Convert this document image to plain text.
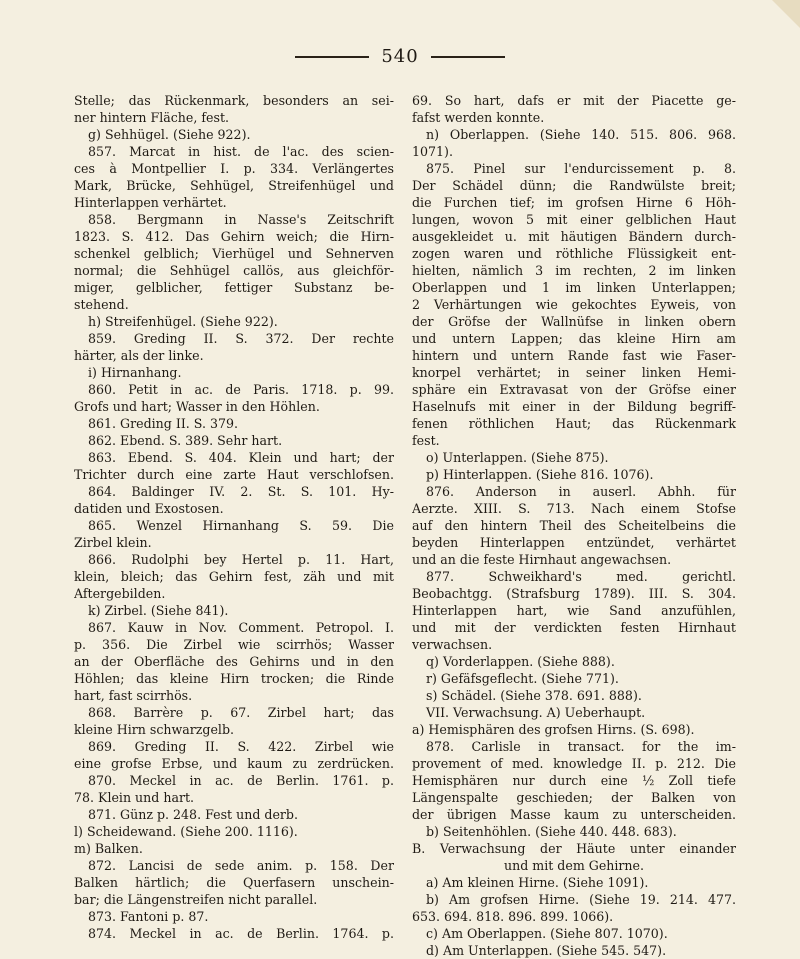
540
Stelle; das Rückenmark, besonders an sei-
ner hintern Fläche, fest.
g) Sehhügel. (Siehe 922).
857. Marcat in hist. de l'ac. des scien-
ces à Montpellier I. p. 334. Verlängertes
Mark, Brücke, Sehhügel, Streifenhügel und
Hinterlappen verhärtet.
858. Bergmann in Nasse's Zeitschrift
1823. S. 412. Das Gehirn weich; die Hirn-
schenkel gelblich; Vierhügel und Sehnerven
normal; die Sehhügel callös, aus gleichför-
miger, gelblicher, fettiger Substanz be-
stehend.
h) Streifenhügel. (Siehe 922).
859. Greding II. S. 372. Der rechte
härter, als der linke.
i) Hirnanhang.
860. Petit in ac. de Paris. 1718. p. 99.
Grofs und hart; Wasser in den Höhlen.
861. Greding II. S. 379.
862. Ebend. S. 389. Sehr hart.
863. Ebend. S. 404. Klein und hart; der
Trichter durch eine zarte Haut verschlofsen.
864. Baldinger IV. 2. St. S. 101. Hy-
datiden und Exostosen.
865. Wenzel Hirnanhang S. 59. Die
Zirbel klein.
866. Rudolphi bey Hertel p. 11. Hart,
klein, bleich; das Gehirn fest, zäh und mit
Aftergebilden.
k) Zirbel. (Siehe 841).
867. Kauw in Nov. Comment. Petropol. I.
p. 356. Die Zirbel wie scirrhös; Wasser
an der Oberfläche des Gehirns und in den
Höhlen; das kleine Hirn trocken; die Rinde
hart, fast scirrhös.
868. Barrère p. 67. Zirbel hart; das
kleine Hirn schwarzgelb.
869. Greding II. S. 422. Zirbel wie
eine grofse Erbse, und kaum zu zerdrücken.
870. Meckel in ac. de Berlin. 1761. p.
78. Klein und hart.
871. Günz p. 248. Fest und derb.
l) Scheidewand. (Siehe 200. 1116).
m) Balken.
872. Lancisi de sede anim. p. 158. Der
Balken härtlich; die Querfasern unschein-
bar; die Längenstreifen nicht parallel.
873. Fantoni p. 87.
874. Meckel in ac. de Berlin. 1764. p.
69. So hart, dafs er mit der Piacette ge-
fafst werden konnte.
n) Oberlappen. (Siehe 140. 515. 806. 968.
1071).
875. Pinel sur l'endurcissement p. 8.
Der Schädel dünn; die Randwülste breit;
die Furchen tief; im grofsen Hirne 6 Höh-
lungen, wovon 5 mit einer gelblichen Haut
ausgekleidet u. mit häutigen Bändern durch-
zogen waren und röthliche Flüssigkeit ent-
hielten, nämlich 3 im rechten, 2 im linken
Oberlappen und 1 im linken Unterlappen;
2 Verhärtungen wie gekochtes Eyweis, von
der Gröfse der Wallnüfse in linken obern
und untern Lappen; das kleine Hirn am
hintern und untern Rande fast wie Faser-
knorpel verhärtet; in seiner linken Hemi-
sphäre ein Extravasat von der Gröfse einer
Haselnufs mit einer in der Bildung begriff-
fenen röthlichen Haut; das Rückenmark
fest.
o) Unterlappen. (Siehe 875).
p) Hinterlappen. (Siehe 816. 1076).
876. Anderson in auserl. Abhh. für
Aerzte. XIII. S. 713. Nach einem Stofse
auf den hintern Theil des Scheitelbeins die
beyden Hinterlappen entzündet, verhärtet
und an die feste Hirnhaut angewachsen.
877. Schweikhard's med. gerichtl.
Beobachtgg. (Strafsburg 1789). III. S. 304.
Hinterlappen hart, wie Sand anzufühlen,
und mit der verdickten festen Hirnhaut
verwachsen.
q) Vorderlappen. (Siehe 888).
r) Gefäfsgeflecht. (Siehe 771).
s) Schädel. (Siehe 378. 691. 888).
VII. Verwachsung. A) Ueberhaupt.
a) Hemisphären des grofsen Hirns. (S. 698).
878. Carlisle in transact. for the im-
provement of med. knowledge II. p. 212. Die
Hemisphären nur durch eine ½ Zoll tiefe
Längenspalte geschieden; der Balken von
der übrigen Masse kaum zu unterscheiden.
b) Seitenhöhlen. (Siehe 440. 448. 683).
B. Verwachsung der Häute unter einander
und mit dem Gehirne.
a) Am kleinen Hirne. (Siehe 1091).
b) Am grofsen Hirne. (Siehe 19. 214. 477.
653. 694. 818. 896. 899. 1066).
c) Am Oberlappen. (Siehe 807. 1070).
d) Am Unterlappen. (Siehe 545. 547).
